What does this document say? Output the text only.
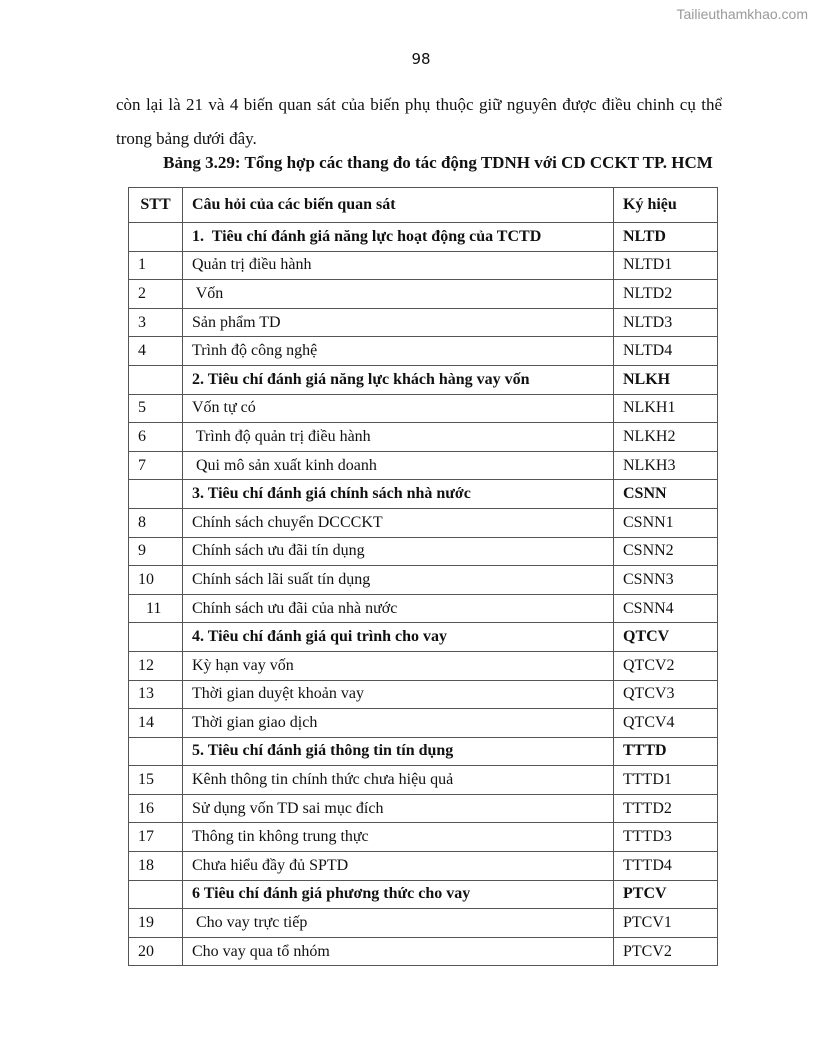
Tailieuthamkhao.com
98
còn lại là 21 và 4 biến quan sát của biến phụ thuộc giữ nguyên được điều chinh cụ thể trong bảng dưới đây.
Bảng 3.29: Tổng hợp các thang đo tác động TDNH với CD CCKT TP. HCM
STT	Câu hỏi của các biến quan sát	Ký hiệu
	1.  Tiêu chí đánh giá năng lực hoạt động của TCTD	NLTD
1	Quản trị điều hành	NLTD1
2	Vốn	NLTD2
3	Sản phẩm TD	NLTD3
4	Trình độ công nghệ	NLTD4
	2. Tiêu chí đánh giá năng lực khách hàng vay vốn	NLKH
5	Vốn tự có	NLKH1
6	Trình độ quản trị điều hành	NLKH2
7	Qui mô sản xuất kinh doanh	NLKH3
	3. Tiêu chí đánh giá chính sách nhà nước	CSNN
8	Chính sách chuyển DCCCKT	CSNN1
9	Chính sách ưu đãi tín dụng	CSNN2
10	Chính sách lãi suất tín dụng	CSNN3
11	Chính sách ưu đãi của nhà nước	CSNN4
	4. Tiêu chí đánh giá qui trình cho vay	QTCV
12	Kỳ hạn vay vốn	QTCV2
13	Thời gian duyệt khoản vay	QTCV3
14	Thời gian giao dịch	QTCV4
	5. Tiêu chí đánh giá thông tin tín dụng	TTTD
15	Kênh thông tin chính thức chưa hiệu quả	TTTD1
16	Sử dụng vốn TD sai mục đích	TTTD2
17	Thông tin không trung thực	TTTD3
18	Chưa hiểu đầy đủ SPTD	TTTD4
	6 Tiêu chí đánh giá phương thức cho vay	PTCV
19	Cho vay trực tiếp	PTCV1
20	Cho vay qua tổ nhóm	PTCV2
